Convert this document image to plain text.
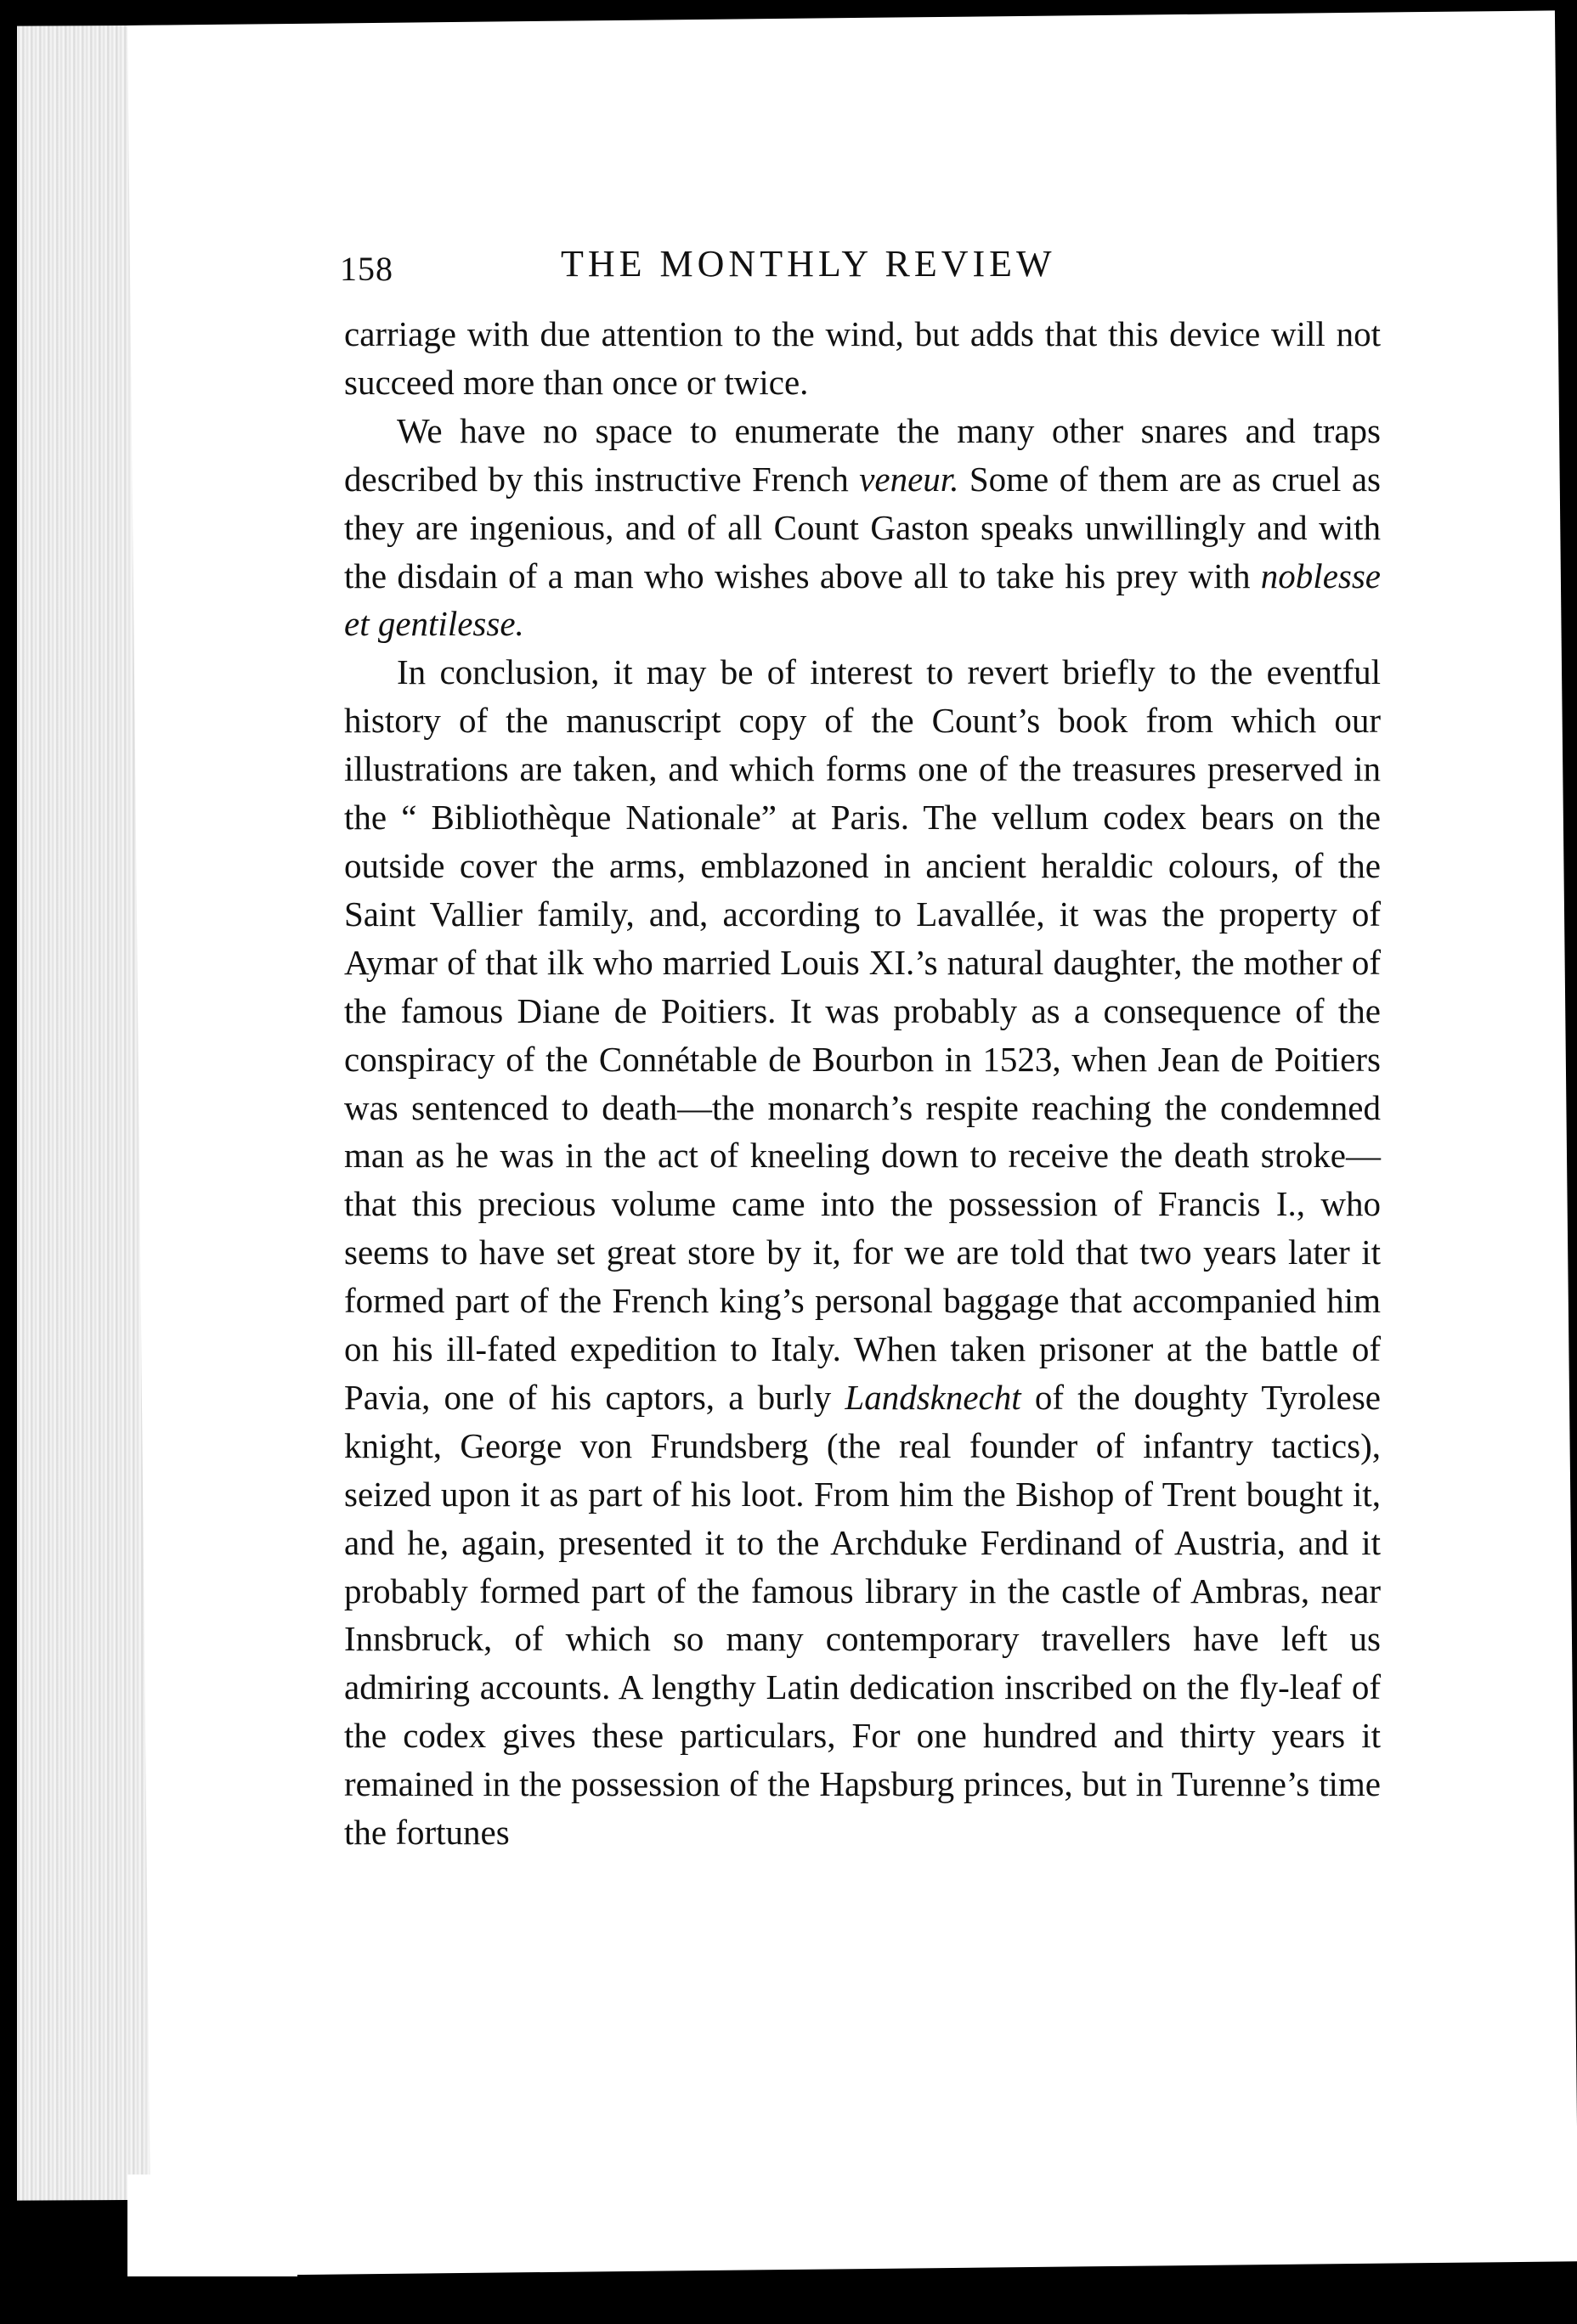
158	THE MONTHLY REVIEW

carriage with due attention to the wind, but adds that this device will not succeed more than once or twice.

We have no space to enumerate the many other snares and traps described by this instructive French veneur. Some of them are as cruel as they are ingenious, and of all Count Gaston speaks unwillingly and with the disdain of a man who wishes above all to take his prey with noblesse et gentilesse.

In conclusion, it may be of interest to revert briefly to the eventful history of the manuscript copy of the Count’s book from which our illustrations are taken, and which forms one of the treasures preserved in the “ Bibliothèque Nationale” at Paris. The vellum codex bears on the outside cover the arms, emblazoned in ancient heraldic colours, of the Saint Vallier family, and, according to Lavallée, it was the property of Aymar of that ilk who married Louis XI.’s natural daughter, the mother of the famous Diane de Poitiers. It was probably as a consequence of the conspiracy of the Connétable de Bourbon in 1523, when Jean de Poitiers was sentenced to death—the monarch’s respite reaching the condemned man as he was in the act of kneeling down to receive the death stroke—that this precious volume came into the possession of Francis I., who seems to have set great store by it, for we are told that two years later it formed part of the French king’s personal baggage that accompanied him on his ill-fated expedition to Italy. When taken prisoner at the battle of Pavia, one of his captors, a burly Landsknecht of the doughty Tyrolese knight, George von Frundsberg (the real founder of infantry tactics), seized upon it as part of his loot. From him the Bishop of Trent bought it, and he, again, presented it to the Archduke Ferdinand of Austria, and it probably formed part of the famous library in the castle of Ambras, near Innsbruck, of which so many contemporary travellers have left us admiring accounts. A lengthy Latin dedication inscribed on the fly-leaf of the codex gives these particulars, For one hundred and thirty years it remained in the possession of the Hapsburg princes, but in Turenne’s time the fortunes
